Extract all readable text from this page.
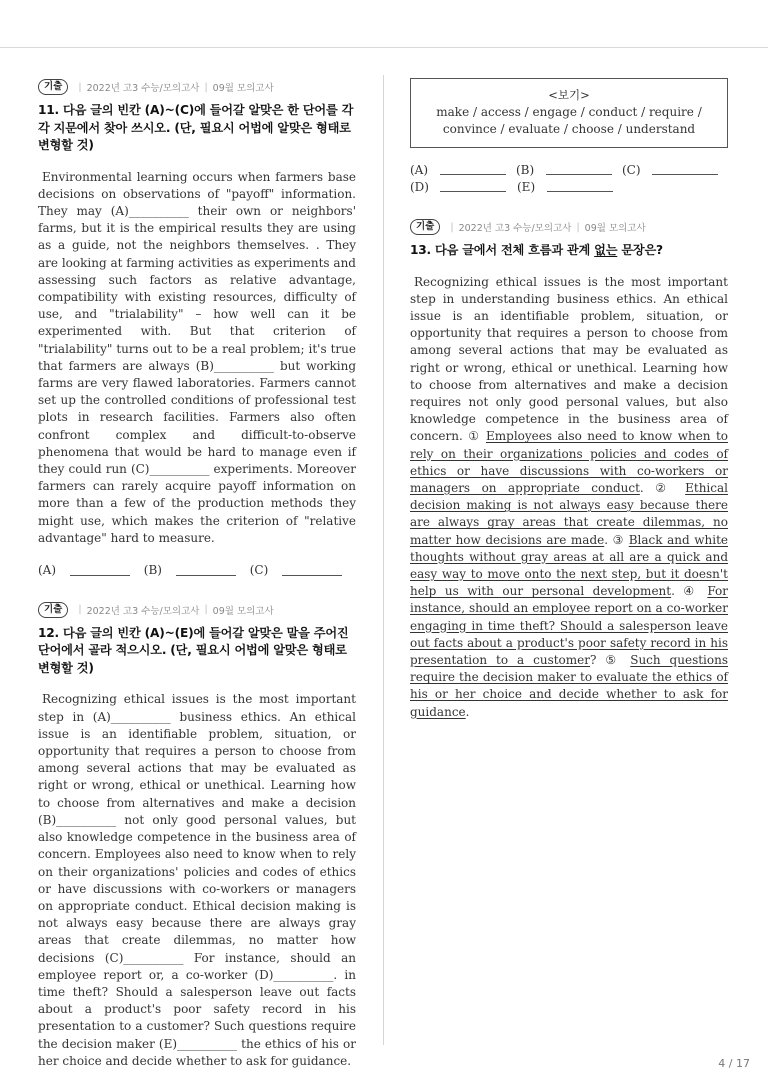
기출	| 2022년 고3 수능/모의고사 | 09월 모의고사
11. 다음 글의 빈칸 (A)~(C)에 들어갈 알맞은 한 단어를 각각 지문에서 찾아 쓰시오. (단, 필요시 어법에 알맞은 형태로 변형할 것)
Environmental learning occurs when farmers base decisions on observations of "payoff" information. They may (A)__________ their own or neighbors' farms, but it is the empirical results they are using as a guide, not the neighbors themselves. . They are looking at farming activities as experiments and assessing such factors as relative advantage, compatibility with existing resources, difficulty of use, and "trialability" – how well can it be experimented with. But that criterion of "trialability" turns out to be a real problem; it's true that farmers are always (B)__________ but working farms are very flawed laboratories. Farmers cannot set up the controlled conditions of professional test plots in research facilities. Farmers also often confront complex and difficult-to-observe phenomena that would be hard to manage even if they could run (C)__________ experiments. Moreover farmers can rarely acquire payoff information on more than a few of the production methods they might use, which makes the criterion of "relative advantage" hard to measure.
(A)	(B)	(C)
기출	| 2022년 고3 수능/모의고사 | 09월 모의고사
12. 다음 글의 빈칸 (A)~(E)에 들어갈 알맞은 말을 주어진 단어에서 골라 적으시오. (단, 필요시 어법에 알맞은 형태로 변형할 것)
Recognizing ethical issues is the most important step in (A)__________ business ethics. An ethical issue is an identifiable problem, situation, or opportunity that requires a person to choose from among several actions that may be evaluated as right or wrong, ethical or unethical. Learning how to choose from alternatives and make a decision (B)__________ not only good personal values, but also knowledge competence in the business area of concern. Employees also need to know when to rely on their organizations' policies and codes of ethics or have discussions with co-workers or managers on appropriate conduct. Ethical decision making is not always easy because there are always gray areas that create dilemmas, no matter how decisions (C)__________ For instance, should an employee report or, a co-worker (D)__________. in time theft? Should a salesperson leave out facts about a product's poor safety record in his presentation to a customer? Such questions require the decision maker (E)__________ the ethics of his or her choice and decide whether to ask for guidance.
<보기>
make / access / engage / conduct / require / convince / evaluate / choose / understand
(A)	(B)	(C)
(D)	(E)
기출	| 2022년 고3 수능/모의고사 | 09월 모의고사
13. 다음 글에서 전체 흐름과 관계 없는 문장은?
Recognizing ethical issues is the most important step in understanding business ethics. An ethical issue is an identifiable problem, situation, or opportunity that requires a person to choose from among several actions that may be evaluated as right or wrong, ethical or unethical. Learning how to choose from alternatives and make a decision requires not only good personal values, but also knowledge competence in the business area of concern. ① Employees also need to know when to rely on their organizations policies and codes of ethics or have discussions with co-workers or managers on appropriate conduct. ② Ethical decision making is not always easy because there are always gray areas that create dilemmas, no matter how decisions are made. ③ Black and white thoughts without gray areas at all are a quick and easy way to move onto the next step, but it doesn't help us with our personal development. ④ For instance, should an employee report on a co-worker engaging in time theft? Should a salesperson leave out facts about a product's poor safety record in his presentation to a customer? ⑤ Such questions require the decision maker to evaluate the ethics of his or her choice and decide whether to ask for guidance.
4 / 17
